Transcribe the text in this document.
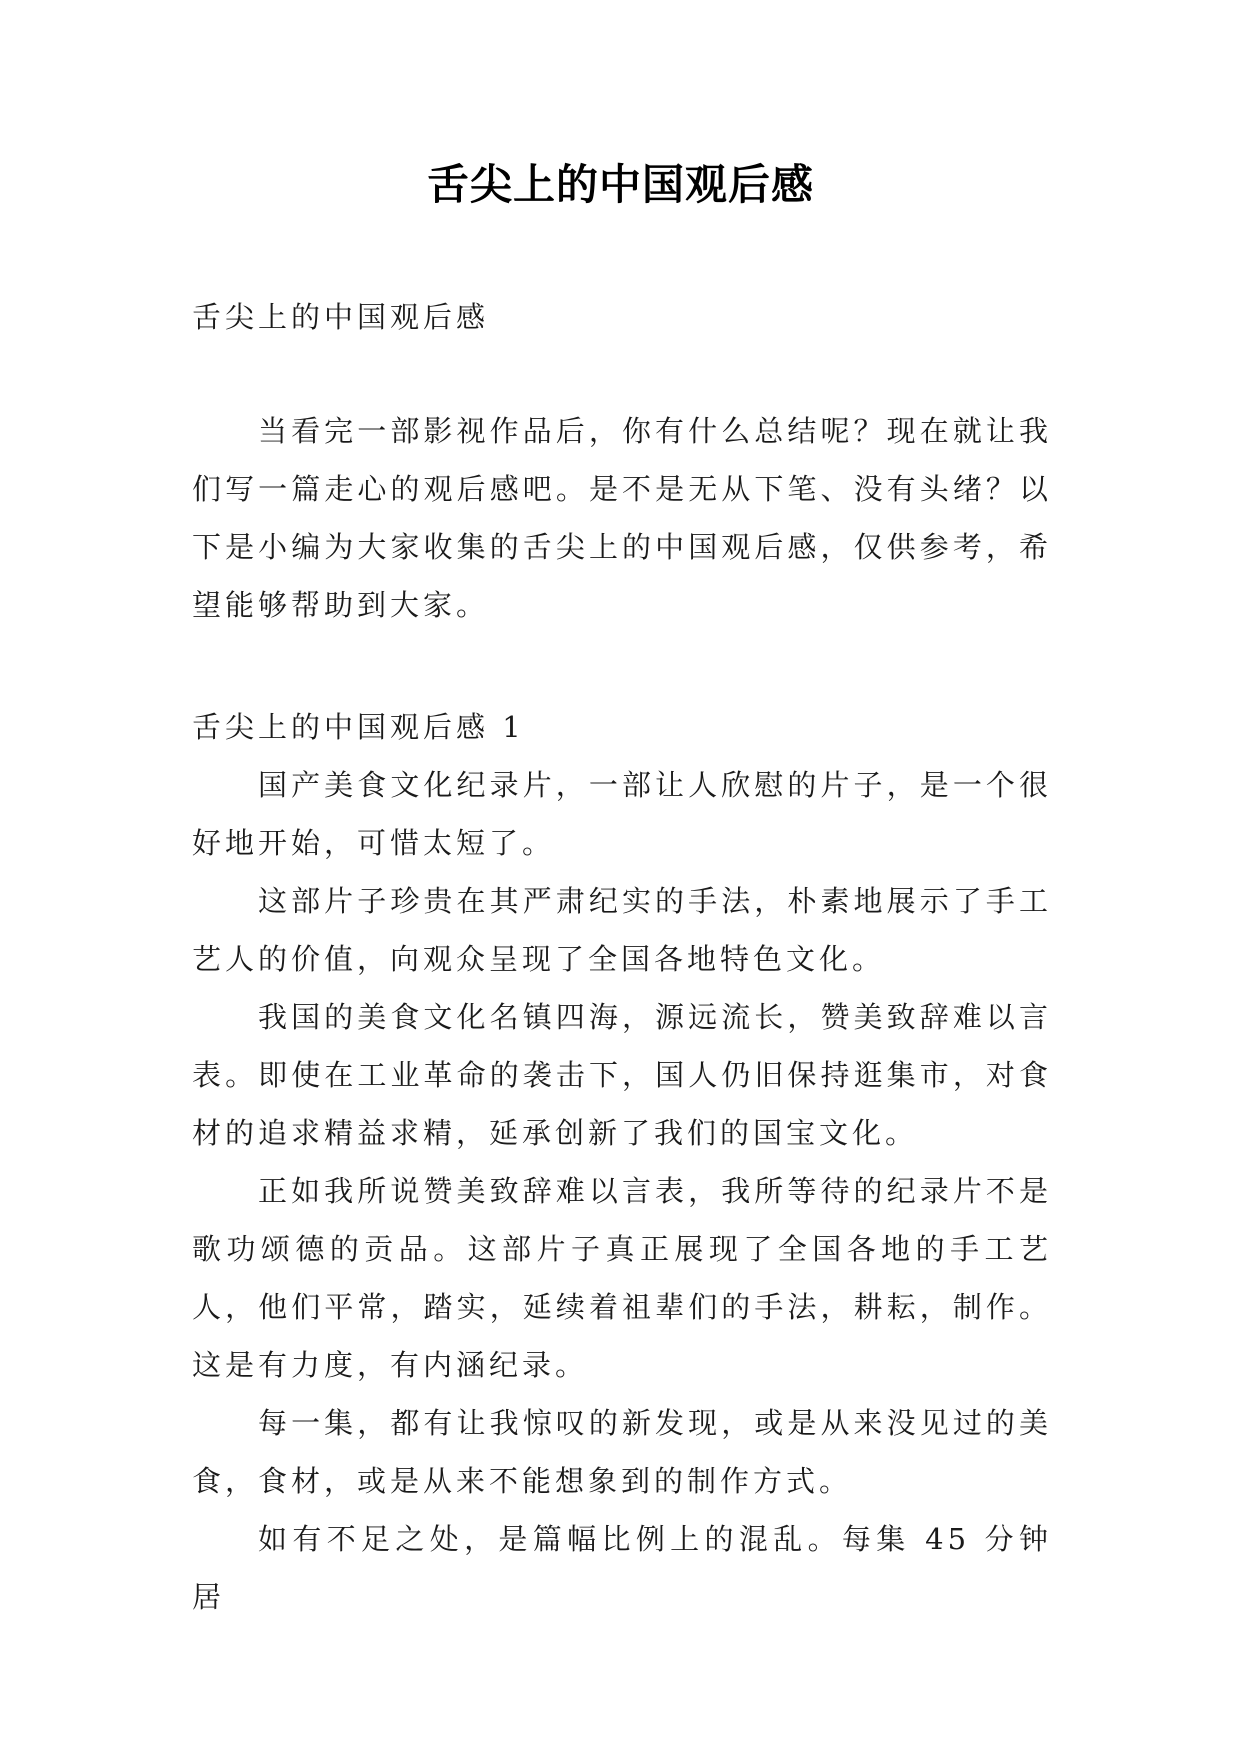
舌尖上的中国观后感
舌尖上的中国观后感

当看完一部影视作品后，你有什么总结呢？现在就让我们写一篇走心的观后感吧。是不是无从下笔、没有头绪？以下是小编为大家收集的舌尖上的中国观后感，仅供参考，希望能够帮助到大家。

舌尖上的中国观后感 1

国产美食文化纪录片，一部让人欣慰的片子，是一个很好地开始，可惜太短了。

这部片子珍贵在其严肃纪实的手法，朴素地展示了手工艺人的价值，向观众呈现了全国各地特色文化。

我国的美食文化名镇四海，源远流长，赞美致辞难以言表。即使在工业革命的袭击下，国人仍旧保持逛集市，对食材的追求精益求精，延承创新了我们的国宝文化。

正如我所说赞美致辞难以言表，我所等待的纪录片不是歌功颂德的贡品。这部片子真正展现了全国各地的手工艺人，他们平常，踏实，延续着祖辈们的手法，耕耘，制作。这是有力度，有内涵纪录。

每一集，都有让我惊叹的新发现，或是从来没见过的美食，食材，或是从来不能想象到的制作方式。

如有不足之处，是篇幅比例上的混乱。每集 45 分钟居
